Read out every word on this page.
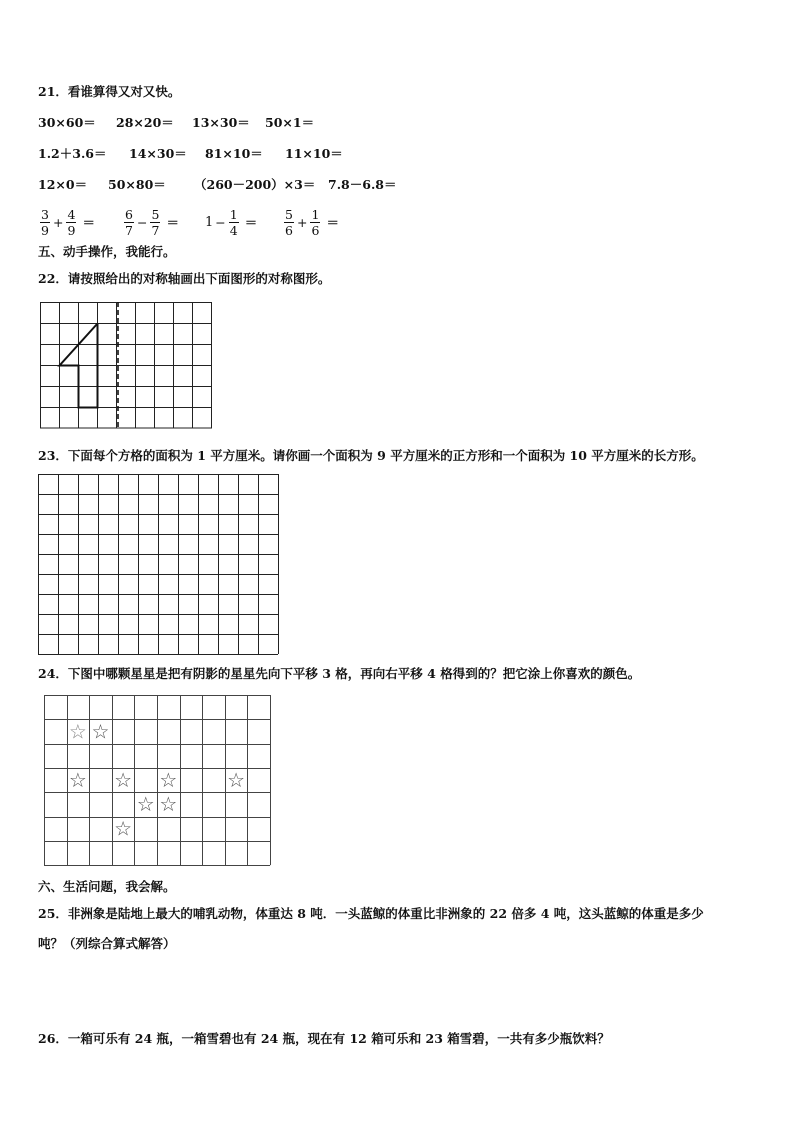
21．看谁算得又对又快。
30×60＝ 28×20＝ 13×30＝ 50×1＝
1.2＋3.6＝ 14×30＝ 81×10＝ 11×10＝
12×0＝ 50×80＝ （260－200）×3＝ 7.8－6.8＝
$\frac{3}{9} + \frac{4}{9} = \frac{6}{7} - \frac{5}{7} = 1 - \frac{1}{4} = \frac{5}{6} + \frac{1}{6}$ ＝
五、动手操作，我能行。
22．请按照给出的对称轴画出下面图形的对称图形。
23．下面每个方格的面积为 1 平方厘米。请你画一个面积为 9 平方厘米的正方形和一个面积为 10 平方厘米的长方形。
24．下图中哪颗星星是把有阴影的星星先向下平移 3 格，再向右平移 4 格得到的？把它涂上你喜欢的颜色。
☆ ☆
☆ ☆ ☆ ☆
☆ ☆
☆
六、生活问题，我会解。
25．非洲象是陆地上最大的哺乳动物，体重达 8 吨．一头蓝鲸的体重比非洲象的 22 倍多 4 吨，这头蓝鲸的体重是多少
吨？（列综合算式解答）
26．一箱可乐有 24 瓶，一箱雪碧也有 24 瓶，现在有 12 箱可乐和 23 箱雪碧，一共有多少瓶饮料？
